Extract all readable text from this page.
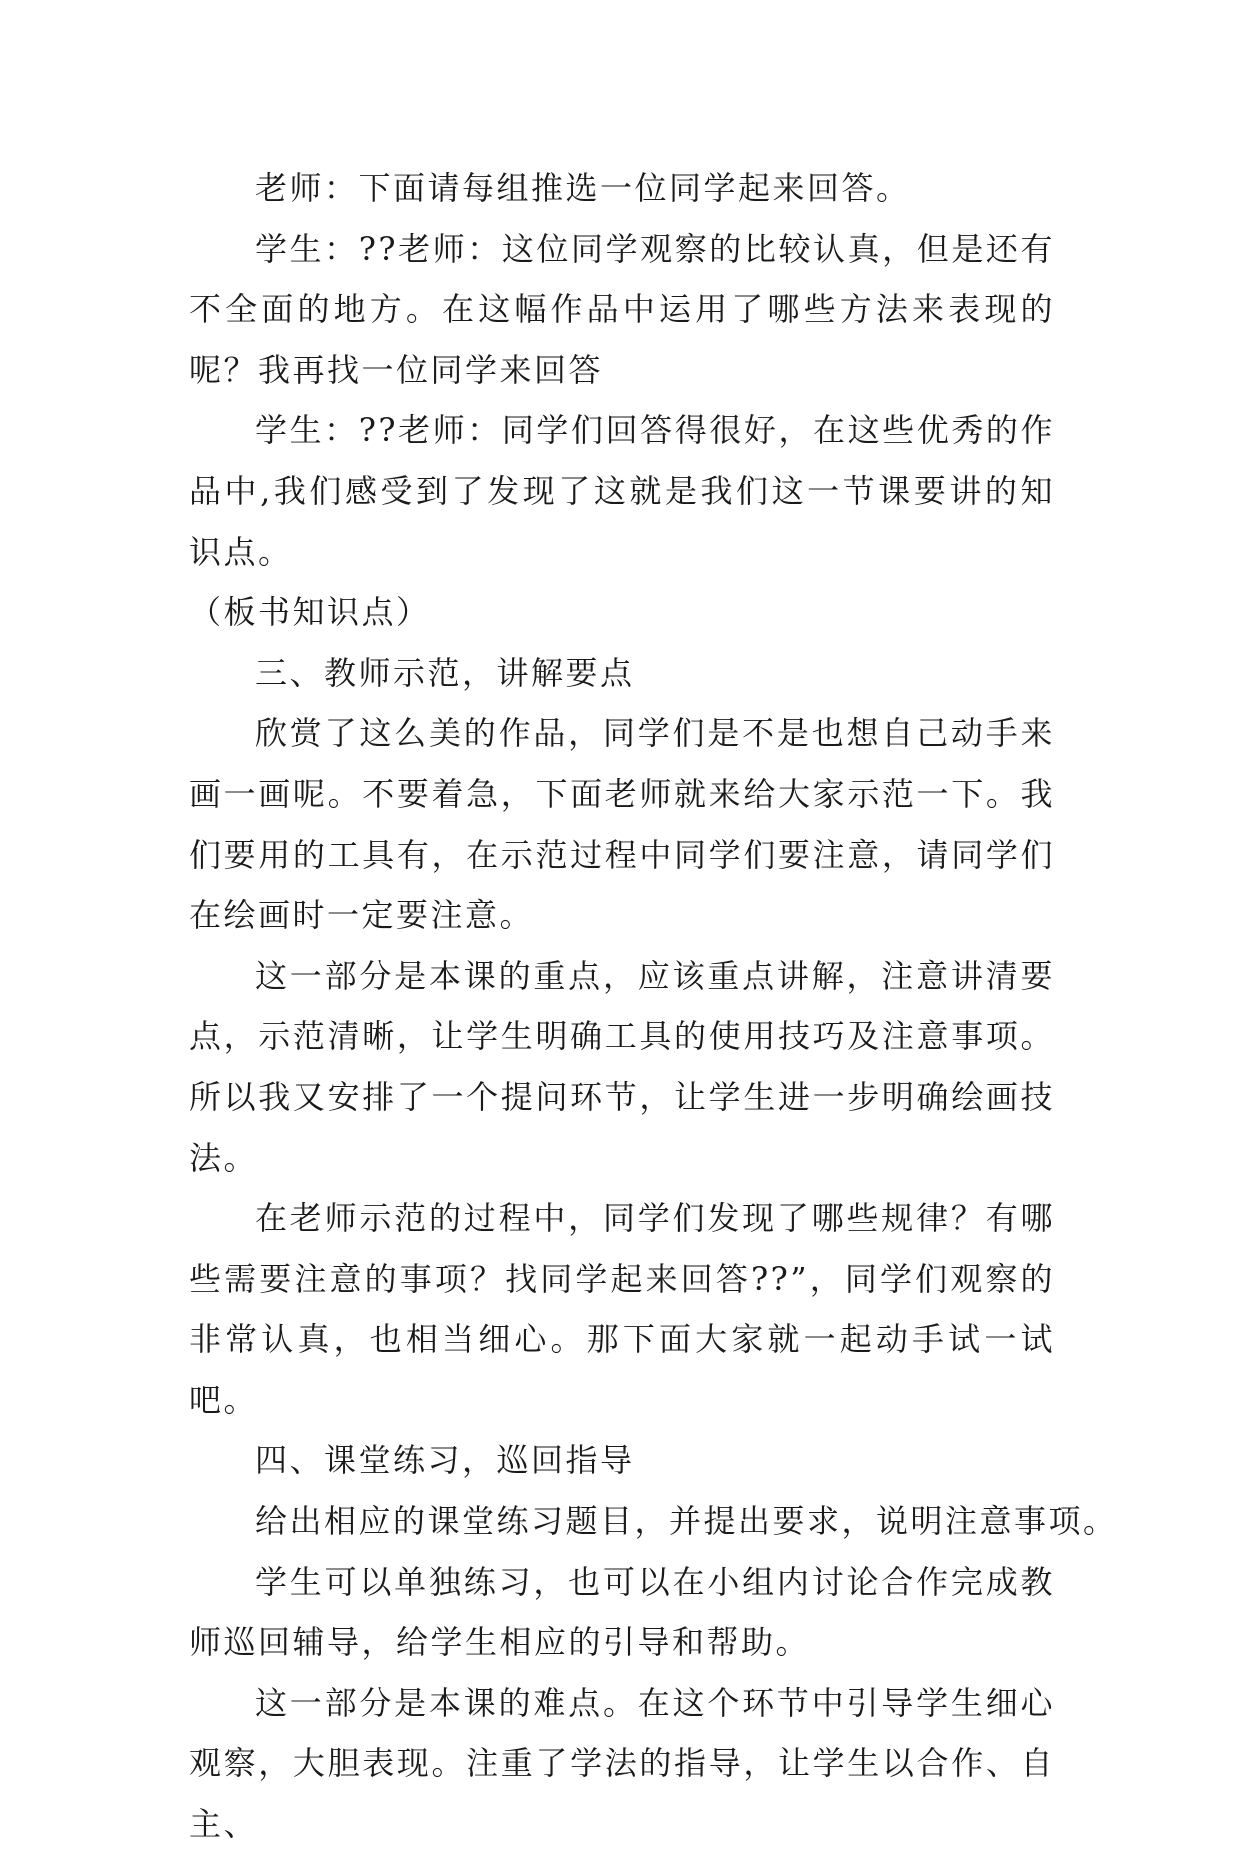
老师：下面请每组推选一位同学起来回答。

学生：??老师：这位同学观察的比较认真，但是还有不全面的地方。在这幅作品中运用了哪些方法来表现的呢？我再找一位同学来回答

学生：??老师：同学们回答得很好，在这些优秀的作品中,我们感受到了发现了这就是我们这一节课要讲的知识点。

（板书知识点）

三、教师示范，讲解要点

欣赏了这么美的作品，同学们是不是也想自己动手来画一画呢。不要着急，下面老师就来给大家示范一下。我们要用的工具有，在示范过程中同学们要注意，请同学们在绘画时一定要注意。

这一部分是本课的重点，应该重点讲解，注意讲清要点，示范清晰，让学生明确工具的使用技巧及注意事项。所以我又安排了一个提问环节，让学生进一步明确绘画技法。

在老师示范的过程中，同学们发现了哪些规律？有哪些需要注意的事项？找同学起来回答??”，同学们观察的非常认真，也相当细心。那下面大家就一起动手试一试吧。

四、课堂练习，巡回指导

给出相应的课堂练习题目，并提出要求，说明注意事项。

学生可以单独练习，也可以在小组内讨论合作完成教师巡回辅导，给学生相应的引导和帮助。

这一部分是本课的难点。在这个环节中引导学生细心观察，大胆表现。注重了学法的指导，让学生以合作、自主、
